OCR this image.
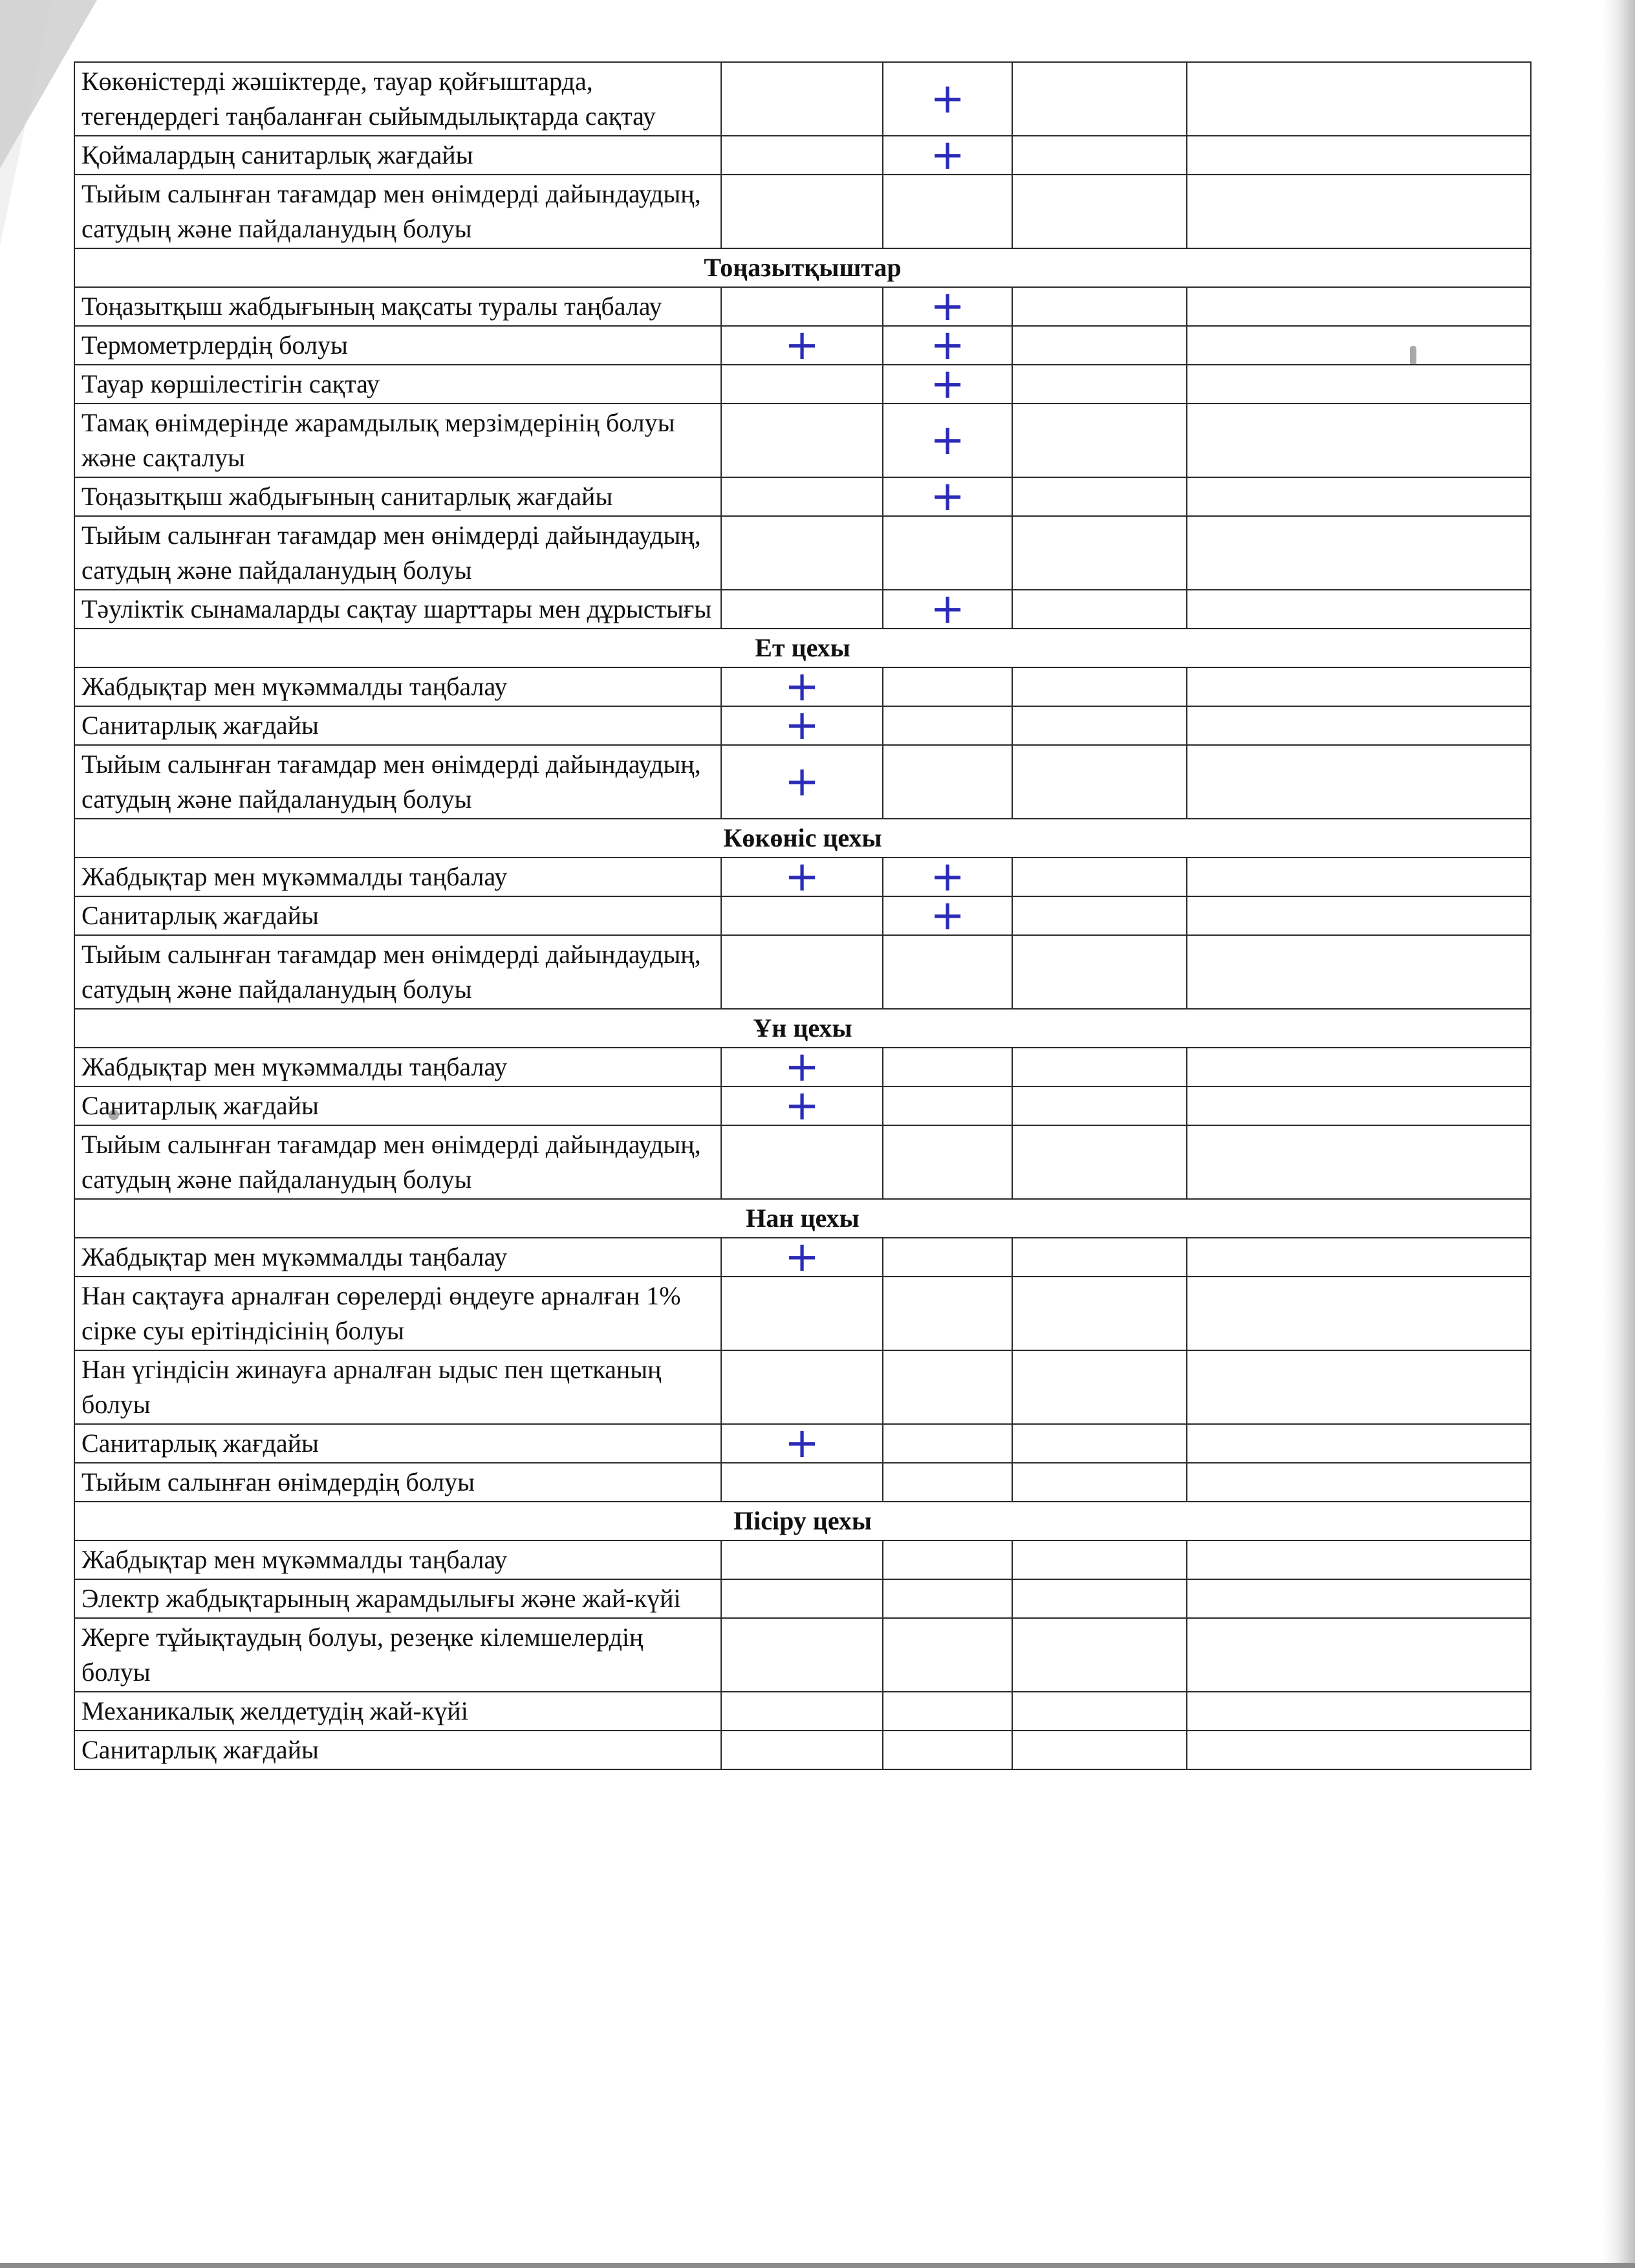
Көкөністерді жәшіктерде, тауар қойғыштарда, тегендердегі таңбаланған сыйымдылықтарда сақтау		+		
Қоймалардың санитарлық жағдайы		+		
Тыйым салынған тағамдар мен өнімдерді дайындаудың, сатудың және пайдаланудың болуы				
Тоңазытқыштар				
Тоңазытқыш жабдығының мақсаты туралы таңбалау		+		
Термометрлердің болуы	+	+		
Тауар көршілестігін сақтау		+		
Тамақ өнімдерінде жарамдылық мерзімдерінің болуы және сақталуы		+		
Тоңазытқыш жабдығының санитарлық жағдайы		+		
Тыйым салынған тағамдар мен өнімдерді дайындаудың, сатудың және пайдаланудың болуы				
Тәуліктік сынамаларды сақтау шарттары мен дұрыстығы		+		
Ет цехы				
Жабдықтар мен мүкәммалды таңбалау	+			
Санитарлық жағдайы	+			
Тыйым салынған тағамдар мен өнімдерді дайындаудың, сатудың және пайдаланудың болуы	+			
Көкөніс цехы				
Жабдықтар мен мүкәммалды таңбалау	+	+		
Санитарлық жағдайы		+		
Тыйым салынған тағамдар мен өнімдерді дайындаудың, сатудың және пайдаланудың болуы				
Ұн цехы				
Жабдықтар мен мүкәммалды таңбалау	+			
Санитарлық жағдайы	+			
Тыйым салынған тағамдар мен өнімдерді дайындаудың, сатудың және пайдаланудың болуы				
Нан цехы				
Жабдықтар мен мүкәммалды таңбалау	+			
Нан сақтауға арналған сөрелерді өңдеуге арналған 1% сірке суы ерітіндісінің болуы				
Нан үгіндісін жинауға арналған ыдыс пен щетканың болуы				
Санитарлық жағдайы	+			
Тыйым салынған өнімдердің болуы				
Пісіру цехы				
Жабдықтар мен мүкәммалды таңбалау				
Электр жабдықтарының жарамдылығы және жай-күйі				
Жерге тұйықтаудың болуы, резеңке кілемшелердің болуы				
Механикалық желдетудің жай-күйі				
Санитарлық жағдайы				
